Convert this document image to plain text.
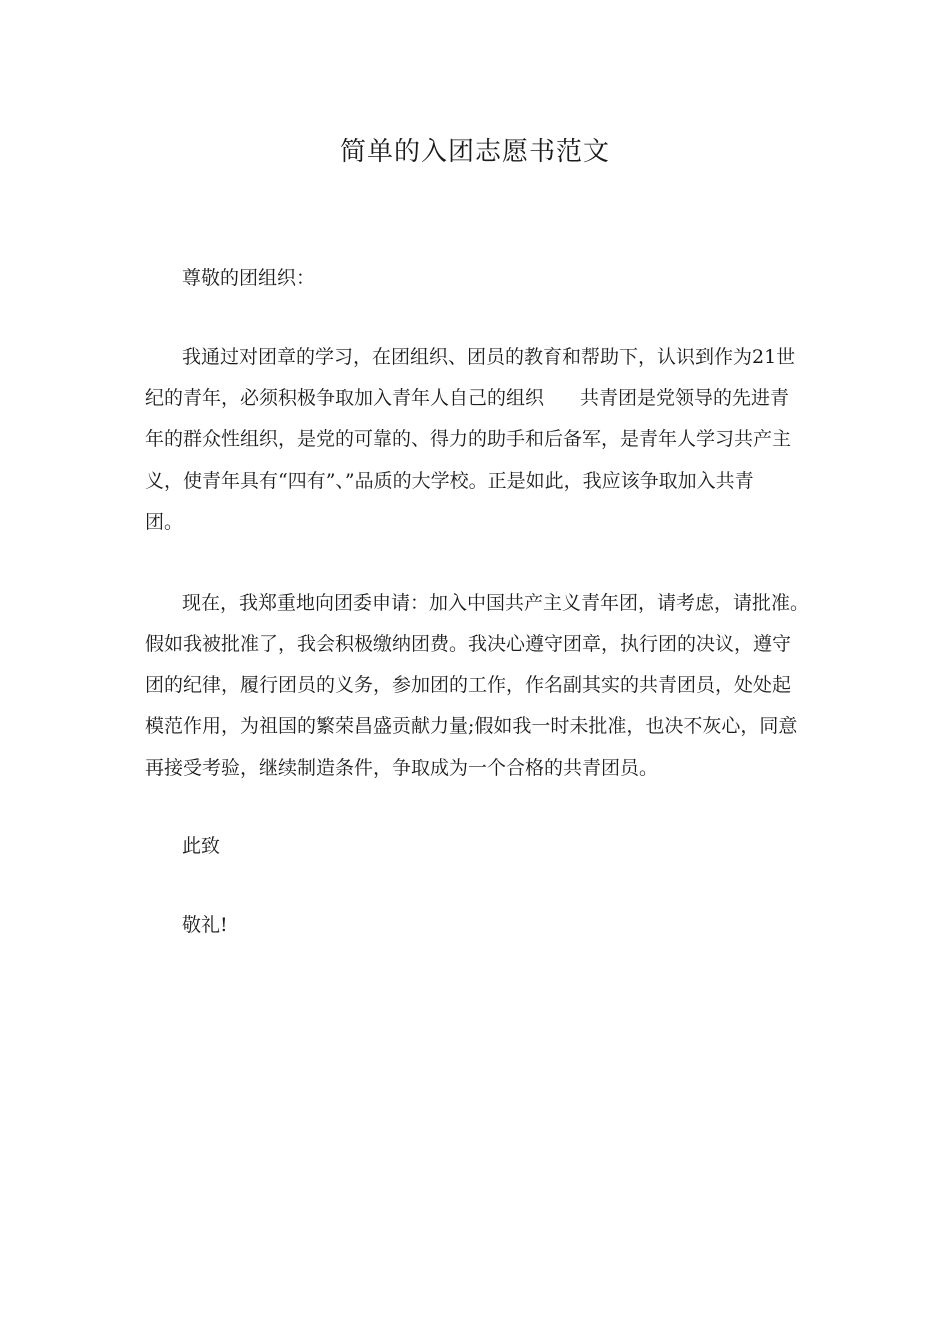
简单的入团志愿书范文
尊敬的团组织：
我通过对团章的学习，在团组织、团员的教育和帮助下，认识到作为21世
纪的青年，必须积极争取加入青年人自己的组织 共青团是党领导的先进青
年的群众性组织，是党的可靠的、得力的助手和后备军，是青年人学习共产主
义，使青年具有“四有”、”品质的大学校。正是如此，我应该争取加入共青
团。
现在，我郑重地向团委申请：加入中国共产主义青年团，请考虑，请批准。
假如我被批准了，我会积极缴纳团费。我决心遵守团章，执行团的决议，遵守
团的纪律，履行团员的义务，参加团的工作，作名副其实的共青团员，处处起
模范作用，为祖国的繁荣昌盛贡献力量;假如我一时未批准，也决不灰心，同意
再接受考验，继续制造条件，争取成为一个合格的共青团员。
此致
敬礼!
